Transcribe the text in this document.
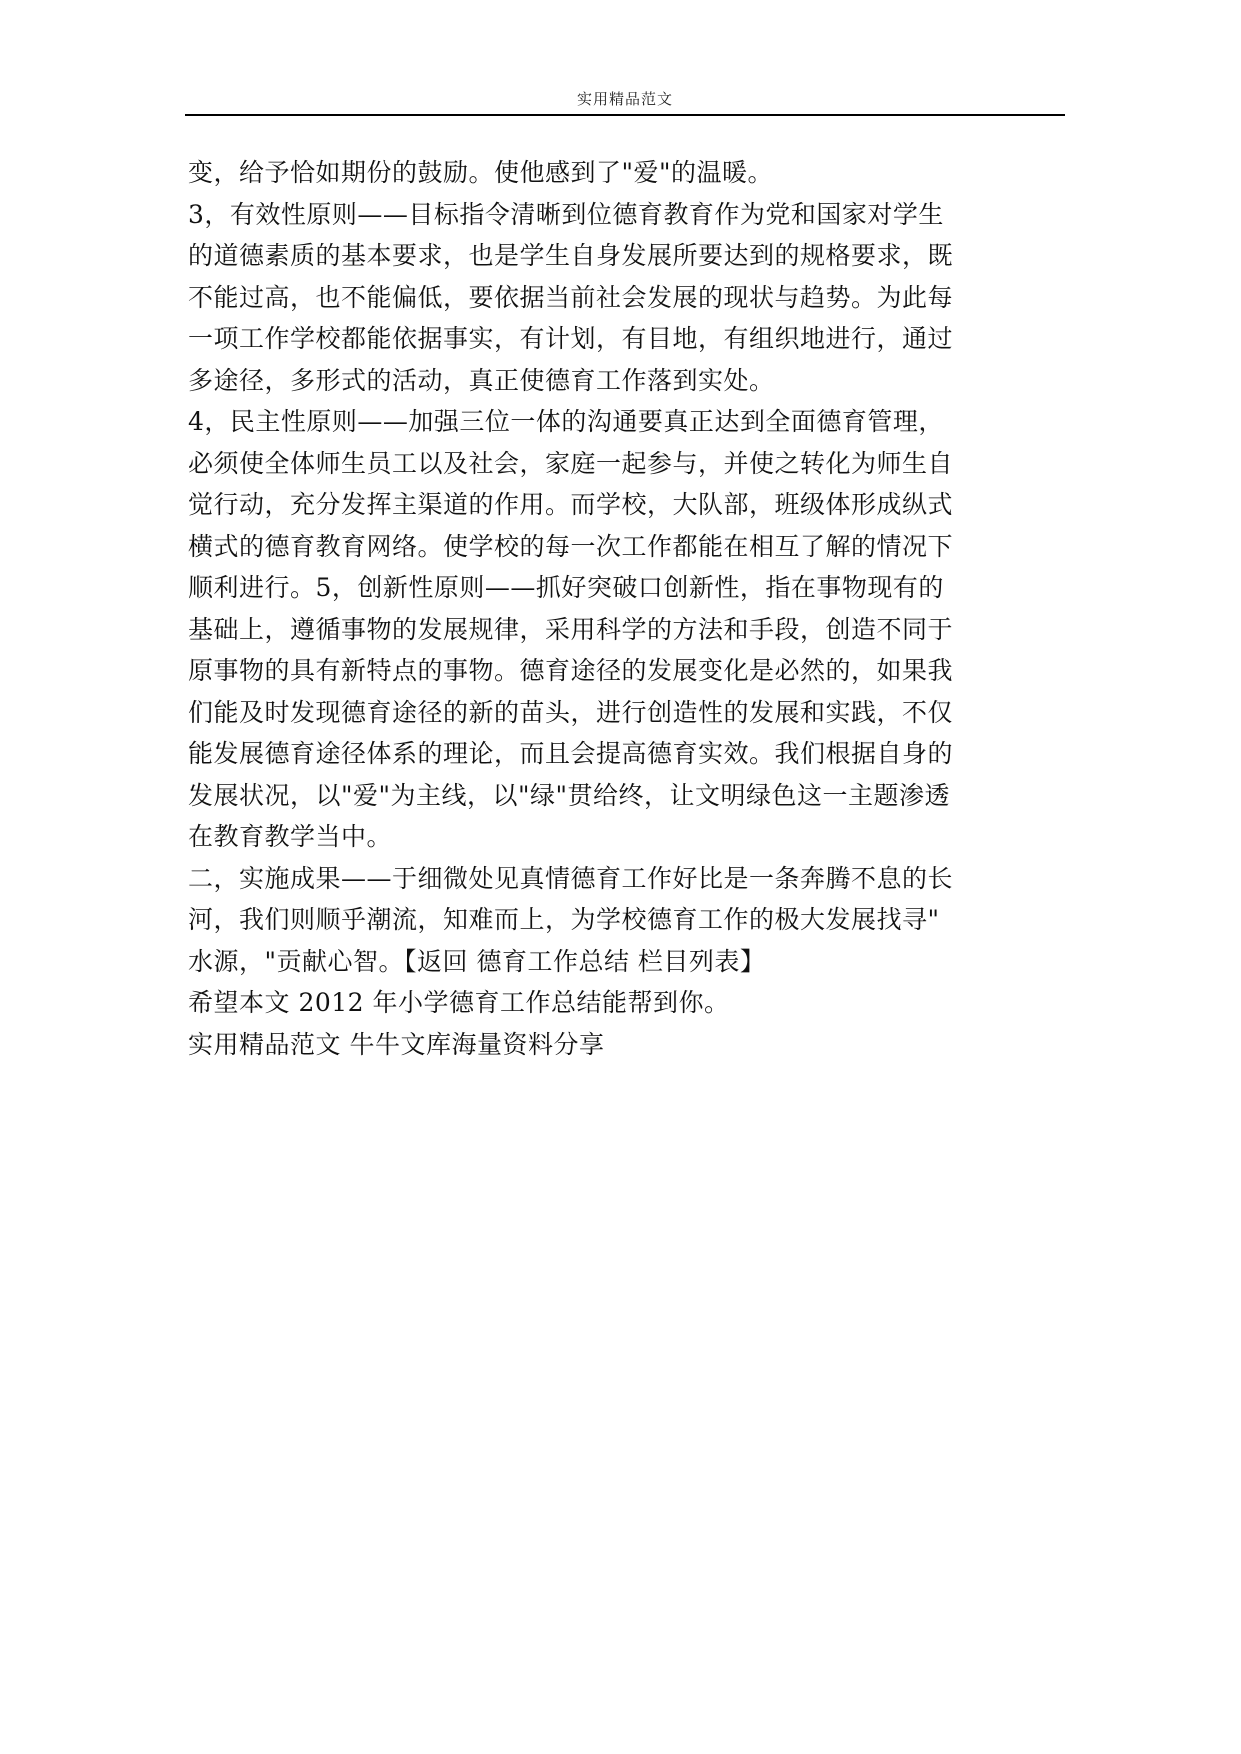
实用精品范文
变，给予恰如期份的鼓励。使他感到了"爱"的温暖。
3，有效性原则——目标指令清晰到位德育教育作为党和国家对学生
的道德素质的基本要求，也是学生自身发展所要达到的规格要求，既
不能过高，也不能偏低，要依据当前社会发展的现状与趋势。为此每
一项工作学校都能依据事实，有计划，有目地，有组织地进行，通过
多途径，多形式的活动，真正使德育工作落到实处。
4，民主性原则——加强三位一体的沟通要真正达到全面德育管理，
必须使全体师生员工以及社会，家庭一起参与，并使之转化为师生自
觉行动，充分发挥主渠道的作用。而学校，大队部，班级体形成纵式
横式的德育教育网络。使学校的每一次工作都能在相互了解的情况下
顺利进行。5，创新性原则——抓好突破口创新性，指在事物现有的
基础上，遵循事物的发展规律，采用科学的方法和手段，创造不同于
原事物的具有新特点的事物。德育途径的发展变化是必然的，如果我
们能及时发现德育途径的新的苗头，进行创造性的发展和实践，不仅
能发展德育途径体系的理论，而且会提高德育实效。我们根据自身的
发展状况，以"爱"为主线，以"绿"贯给终，让文明绿色这一主题渗透
在教育教学当中。
二，实施成果——于细微处见真情德育工作好比是一条奔腾不息的长
河，我们则顺乎潮流，知难而上，为学校德育工作的极大发展找寻"
水源，"贡献心智。【返回 德育工作总结 栏目列表】
希望本文 2012 年小学德育工作总结能帮到你。
实用精品范文 牛牛文库海量资料分享
